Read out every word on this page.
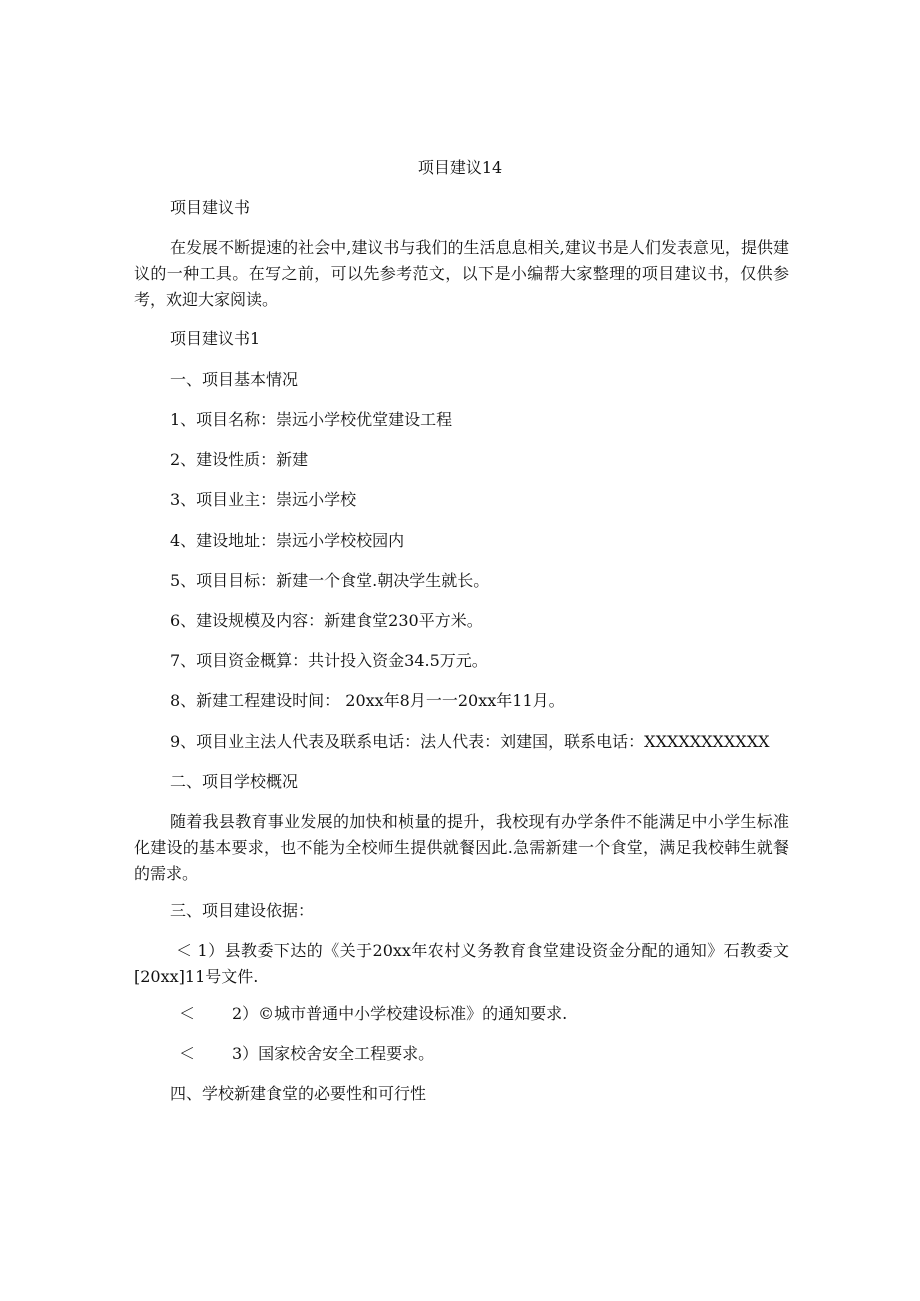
项目建议14
项目建议书
在发展不断提速的社会中,建议书与我们的生活息息相关,建议书是人们发表意见，提供建议的一种工具。在写之前，可以先参考范文，以下是小编帮大家整理的项目建议书，仅供参考，欢迎大家阅读。
项目建议书1
一、项目基本情况
1、项目名称：崇远小学校优堂建设工程
2、建设性质：新建
3、项目业主：崇远小学校
4、建设地址：崇远小学校校园内
5、项目目标：新建一个食堂.朝决学生就长。
6、建设规模及内容：新建食堂230平方米。
7、项目资金概算：共计投入资金34.5万元。
8、新建工程建设时间： 20xx年8月一一20xx年11月。
9、项目业主法人代表及联系电话：法人代表：刘建国，联系电话：XXXXXXXXXXX
二、项目学校概况
随着我县教育事业发展的加快和桢量的提升，我校现有办学条件不能满足中小学生标准化建设的基本要求，也不能为全校师生提供就餐因此.急需新建一个食堂，满足我校韩生就餐的需求。
三、项目建设依据：
＜ 1）县教委下达的《关于20xx年农村义务教育食堂建设资金分配的通知》石教委文[20xx]11号文件.
＜ 2）©城市普通中小学校建设标准》的通知要求.
＜ 3）国家校舍安全工程要求。
四、学校新建食堂的必要性和可行性
